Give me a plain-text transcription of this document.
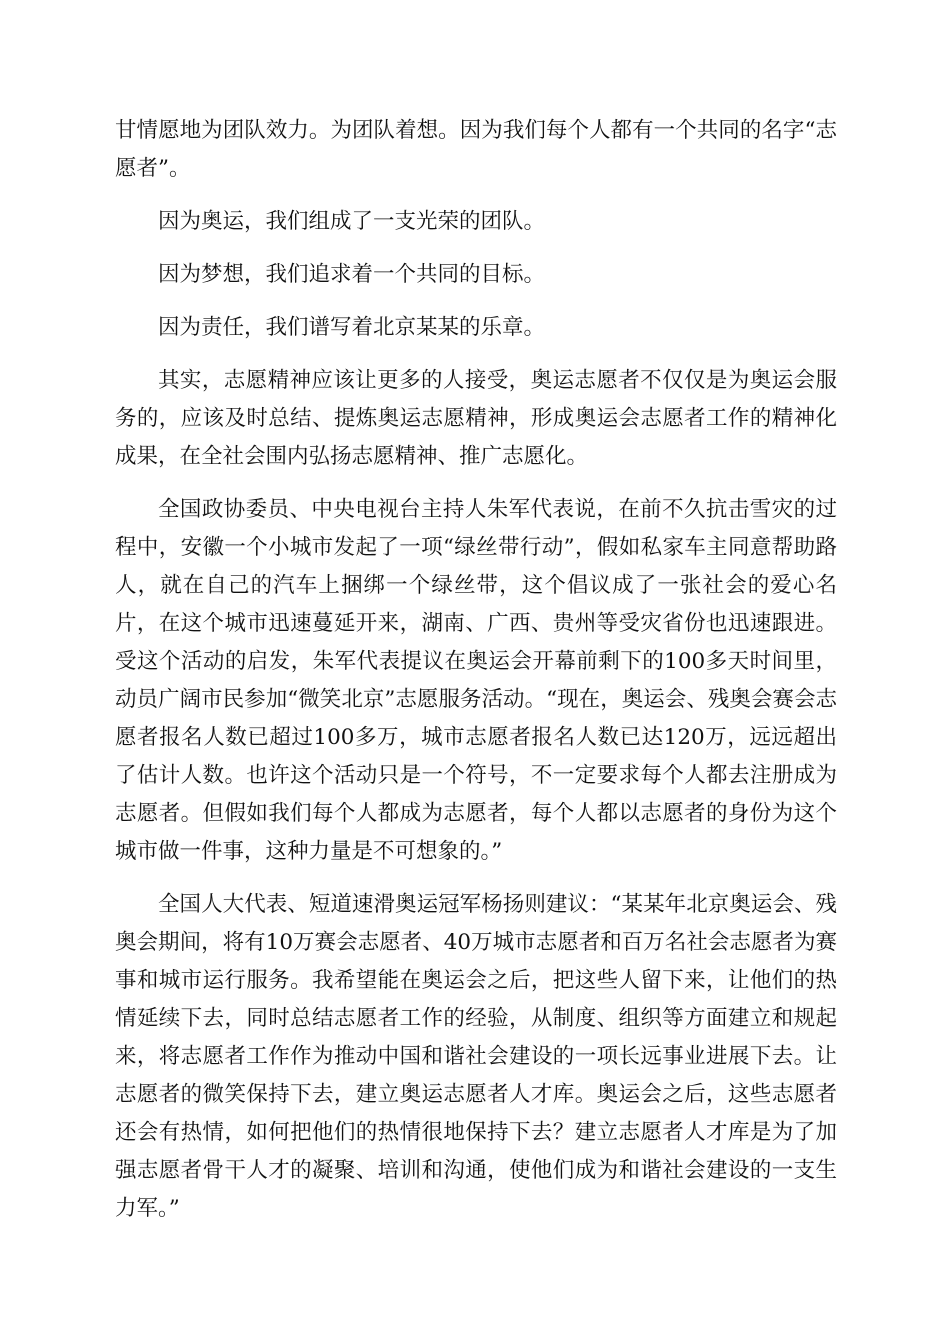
甘情愿地为团队效力。为团队着想。因为我们每个人都有一个共同的名字“志愿者”。

因为奥运，我们组成了一支光荣的团队。

因为梦想，我们追求着一个共同的目标。

因为责任，我们谱写着北京某某的乐章。

其实，志愿精神应该让更多的人接受，奥运志愿者不仅仅是为奥运会服务的，应该及时总结、提炼奥运志愿精神，形成奥运会志愿者工作的精神化成果，在全社会围内弘扬志愿精神、推广志愿化。

全国政协委员、中央电视台主持人朱军代表说，在前不久抗击雪灾的过程中，安徽一个小城市发起了一项“绿丝带行动”，假如私家车主同意帮助路人，就在自己的汽车上捆绑一个绿丝带，这个倡议成了一张社会的爱心名片，在这个城市迅速蔓延开来，湖南、广西、贵州等受灾省份也迅速跟进。受这个活动的启发，朱军代表提议在奥运会开幕前剩下的100多天时间里，动员广阔市民参加“微笑北京”志愿服务活动。“现在，奥运会、残奥会赛会志愿者报名人数已超过100多万，城市志愿者报名人数已达120万，远远超出了估计人数。也许这个活动只是一个符号，不一定要求每个人都去注册成为志愿者。但假如我们每个人都成为志愿者，每个人都以志愿者的身份为这个城市做一件事，这种力量是不可想象的。”

全国人大代表、短道速滑奥运冠军杨扬则建议：“某某年北京奥运会、残奥会期间，将有10万赛会志愿者、40万城市志愿者和百万名社会志愿者为赛事和城市运行服务。我希望能在奥运会之后，把这些人留下来，让他们的热情延续下去，同时总结志愿者工作的经验，从制度、组织等方面建立和规起来，将志愿者工作作为推动中国和谐社会建设的一项长远事业进展下去。让志愿者的微笑保持下去，建立奥运志愿者人才库。奥运会之后，这些志愿者还会有热情，如何把他们的热情很地保持下去？建立志愿者人才库是为了加强志愿者骨干人才的凝聚、培训和沟通，使他们成为和谐社会建设的一支生力军。”
